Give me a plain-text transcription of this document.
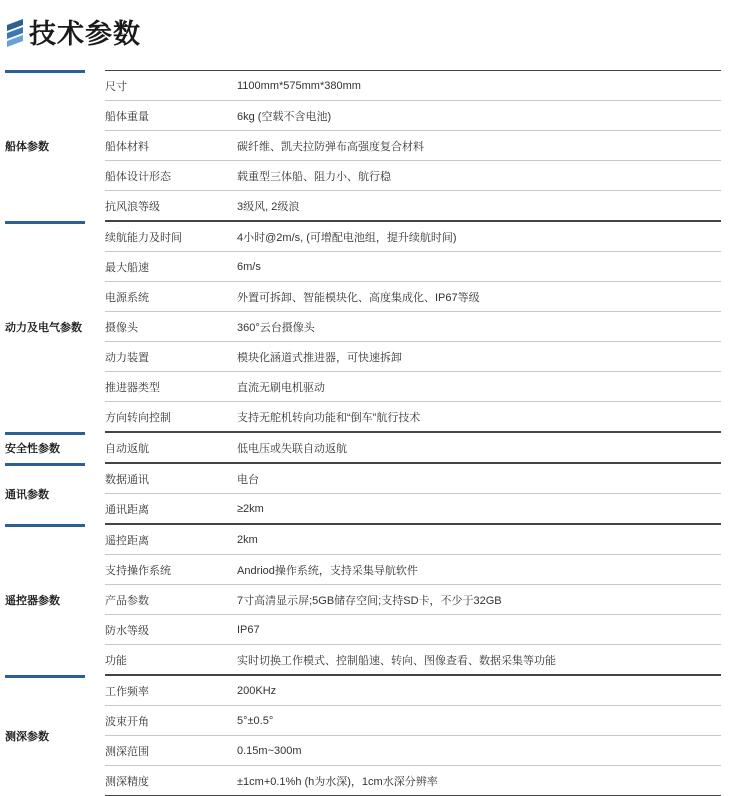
技术参数
船体参数
尺寸	1100mm*575mm*380mm
船体重量	6kg (空载不含电池)
船体材料	碳纤维、凯夫拉防弹布高强度复合材料
船体设计形态	载重型三体船、阻力小、航行稳
抗风浪等级	3级风, 2级浪
动力及电气参数
续航能力及时间	4小时@2m/s, (可增配电池组，提升续航时间)
最大船速	6m/s
电源系统	外置可拆卸、智能模块化、高度集成化、IP67等级
摄像头	360°云台摄像头
动力装置	模块化涵道式推进器，可快速拆卸
推进器类型	直流无刷电机驱动
方向转向控制	支持无舵机转向功能和“倒车”航行技术
安全性参数	自动返航	低电压或失联自动返航
通讯参数
数据通讯	电台
通讯距离	≥2km
遥控器参数
遥控距离	2km
支持操作系统	Andriod操作系统，支持采集导航软件
产品参数	7寸高清显示屏;5GB储存空间;支持SD卡，不少于32GB
防水等级	IP67
功能	实时切换工作模式、控制船速、转向、图像查看、数据采集等功能
测深参数
工作频率	200KHz
波束开角	5°±0.5°
测深范围	0.15m~300m
测深精度	±1cm+0.1%h (h为水深)，1cm水深分辨率
